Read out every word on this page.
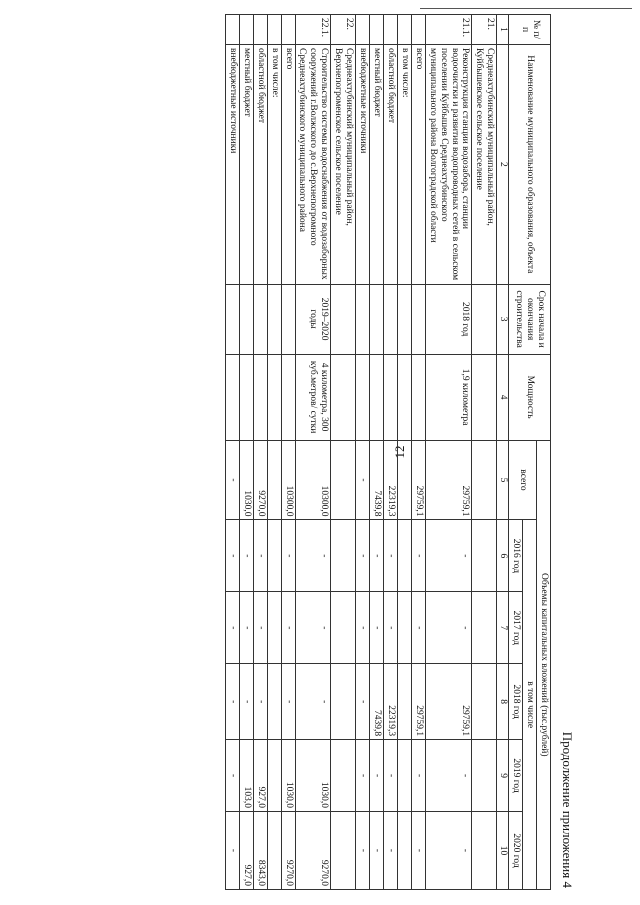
12
Продолжение приложения 4
№ п/п	Наименование муниципального образования, объекта	Срок начала и окончания строительства	Мощность	Объемы капитальных вложений (тыс.рублей)					
				всего	в том числе				
					2016 год	2017 год	2018 год	2019 год	2020 год
1	2	3	4	5	6	7	8	9	10
21.	Среднеахтубинский муниципальный район, Куйбышевское сельское поселение								
21.1.	Реконструкция станции водозабора, станции водоочистки и развития водопроводных сетей в сельском поселении Куйбышев Среднеахтубинского муниципального района Волгоградской области	2018 год	1,9 километра	29759,1	-	-	29759,1	-	-
	всего			29759,1	-	-	29759,1	-	-
	в том числе:								
	областной бюджет			22319,3	-	-	22319,3	-	-
	местный бюджет			7439,8	-	-	7439,8	-	-
	внебюджетные источники			-	-	-	-	-	-
22.	Среднеахтубинский муниципальный район, Верхнепогроменское сельское поселение								
22.1.	Строительство системы водоснабжения от водозаборных сооружений г.Волжского до с.Верхнепогромного Среднеахтубинского муниципального района	2019–2020 годы	4 километра, 300 куб.метров/ сутки	10300,0	-	-	-	1030,0	9270,0
	всего			10300,0	-	-	-	1030,0	9270,0
	в том числе:								
	областной бюджет			9270,0	-	-	-	927,0	8343,0
	местный бюджет			1030,0	-	-	-	103,0	927,0
	внебюджетные источники			-	-	-	-	-	-
